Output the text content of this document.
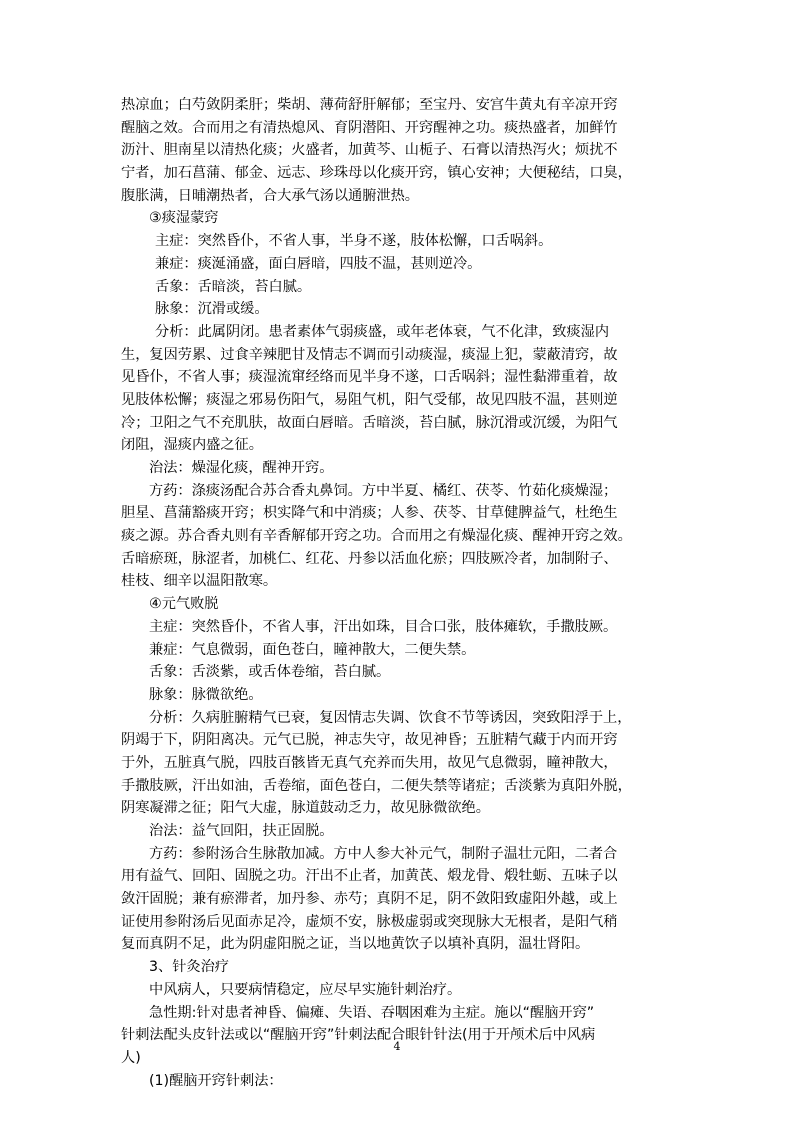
热凉血；白芍敛阴柔肝；柴胡、薄荷舒肝解郁；至宝丹、安宫牛黄丸有辛凉开窍
醒脑之效。合而用之有清热熄风、育阴潜阳、开窍醒神之功。痰热盛者，加鲜竹
沥汁、胆南星以清热化痰；火盛者，加黄芩、山栀子、石膏以清热泻火；烦扰不
宁者，加石菖蒲、郁金、远志、珍珠母以化痰开窍，镇心安神；大便秘结，口臭，
腹胀满，日晡潮热者，合大承气汤以通腑泄热。
③痰湿蒙窍
主症：突然昏仆，不省人事，半身不遂，肢体松懈，口舌㖞斜。
兼症：痰涎涌盛，面白唇暗，四肢不温，甚则逆冷。
舌象：舌暗淡，苔白腻。
脉象：沉滑或缓。
分析：此属阴闭。患者素体气弱痰盛，或年老体衰，气不化津，致痰湿内
生，复因劳累、过食辛辣肥甘及情志不调而引动痰湿，痰湿上犯，蒙蔽清窍，故
见昏仆，不省人事；痰湿流窜经络而见半身不遂，口舌㖞斜；湿性黏滞重着，故
见肢体松懈；痰湿之邪易伤阳气，易阻气机，阳气受郁，故见四肢不温，甚则逆
冷；卫阳之气不充肌肤，故面白唇暗。舌暗淡，苔白腻，脉沉滑或沉缓，为阳气
闭阻，湿痰内盛之征。
治法：燥湿化痰，醒神开窍。
方药：涤痰汤配合苏合香丸鼻饲。方中半夏、橘红、茯苓、竹茹化痰燥湿；
胆星、菖蒲豁痰开窍；枳实降气和中消痰；人参、茯苓、甘草健脾益气，杜绝生
痰之源。苏合香丸则有辛香解郁开窍之功。合而用之有燥湿化痰、醒神开窍之效。
舌暗瘀斑，脉涩者，加桃仁、红花、丹参以活血化瘀；四肢厥冷者，加制附子、
桂枝、细辛以温阳散寒。
④元气败脱
主症：突然昏仆，不省人事，汗出如珠，目合口张，肢体瘫软，手撒肢厥。
兼症：气息微弱，面色苍白，瞳神散大，二便失禁。
舌象：舌淡紫，或舌体卷缩，苔白腻。
脉象：脉微欲绝。
分析：久病脏腑精气已衰，复因情志失调、饮食不节等诱因，突致阳浮于上，
阴竭于下，阴阳离决。元气已脱，神志失守，故见神昏；五脏精气藏于内而开窍
于外，五脏真气脱，四肢百骸皆无真气充养而失用，故见气息微弱，瞳神散大，
手撒肢厥，汗出如油，舌卷缩，面色苍白，二便失禁等诸症；舌淡紫为真阳外脱，
阴寒凝滞之征；阳气大虚，脉道鼓动乏力，故见脉微欲绝。
治法：益气回阳，扶正固脱。
方药：参附汤合生脉散加减。方中人参大补元气，制附子温壮元阳，二者合
用有益气、回阳、固脱之功。汗出不止者，加黄芪、煅龙骨、煅牡蛎、五味子以
敛汗固脱；兼有瘀滞者，加丹参、赤芍；真阴不足，阴不敛阳致虚阳外越，或上
证使用参附汤后见面赤足冷，虚烦不安，脉极虚弱或突现脉大无根者，是阳气稍
复而真阴不足，此为阴虚阳脱之证，当以地黄饮子以填补真阴，温壮肾阳。
3、针灸治疗
中风病人，只要病情稳定，应尽早实施针刺治疗。
急性期:针对患者神昏、偏瘫、失语、吞咽困难为主症。施以“醒脑开窍”
针刺法配头皮针法或以“醒脑开窍”针刺法配合眼针针法(用于开颅术后中风病
人)
(1)醒脑开窍针刺法：
4
